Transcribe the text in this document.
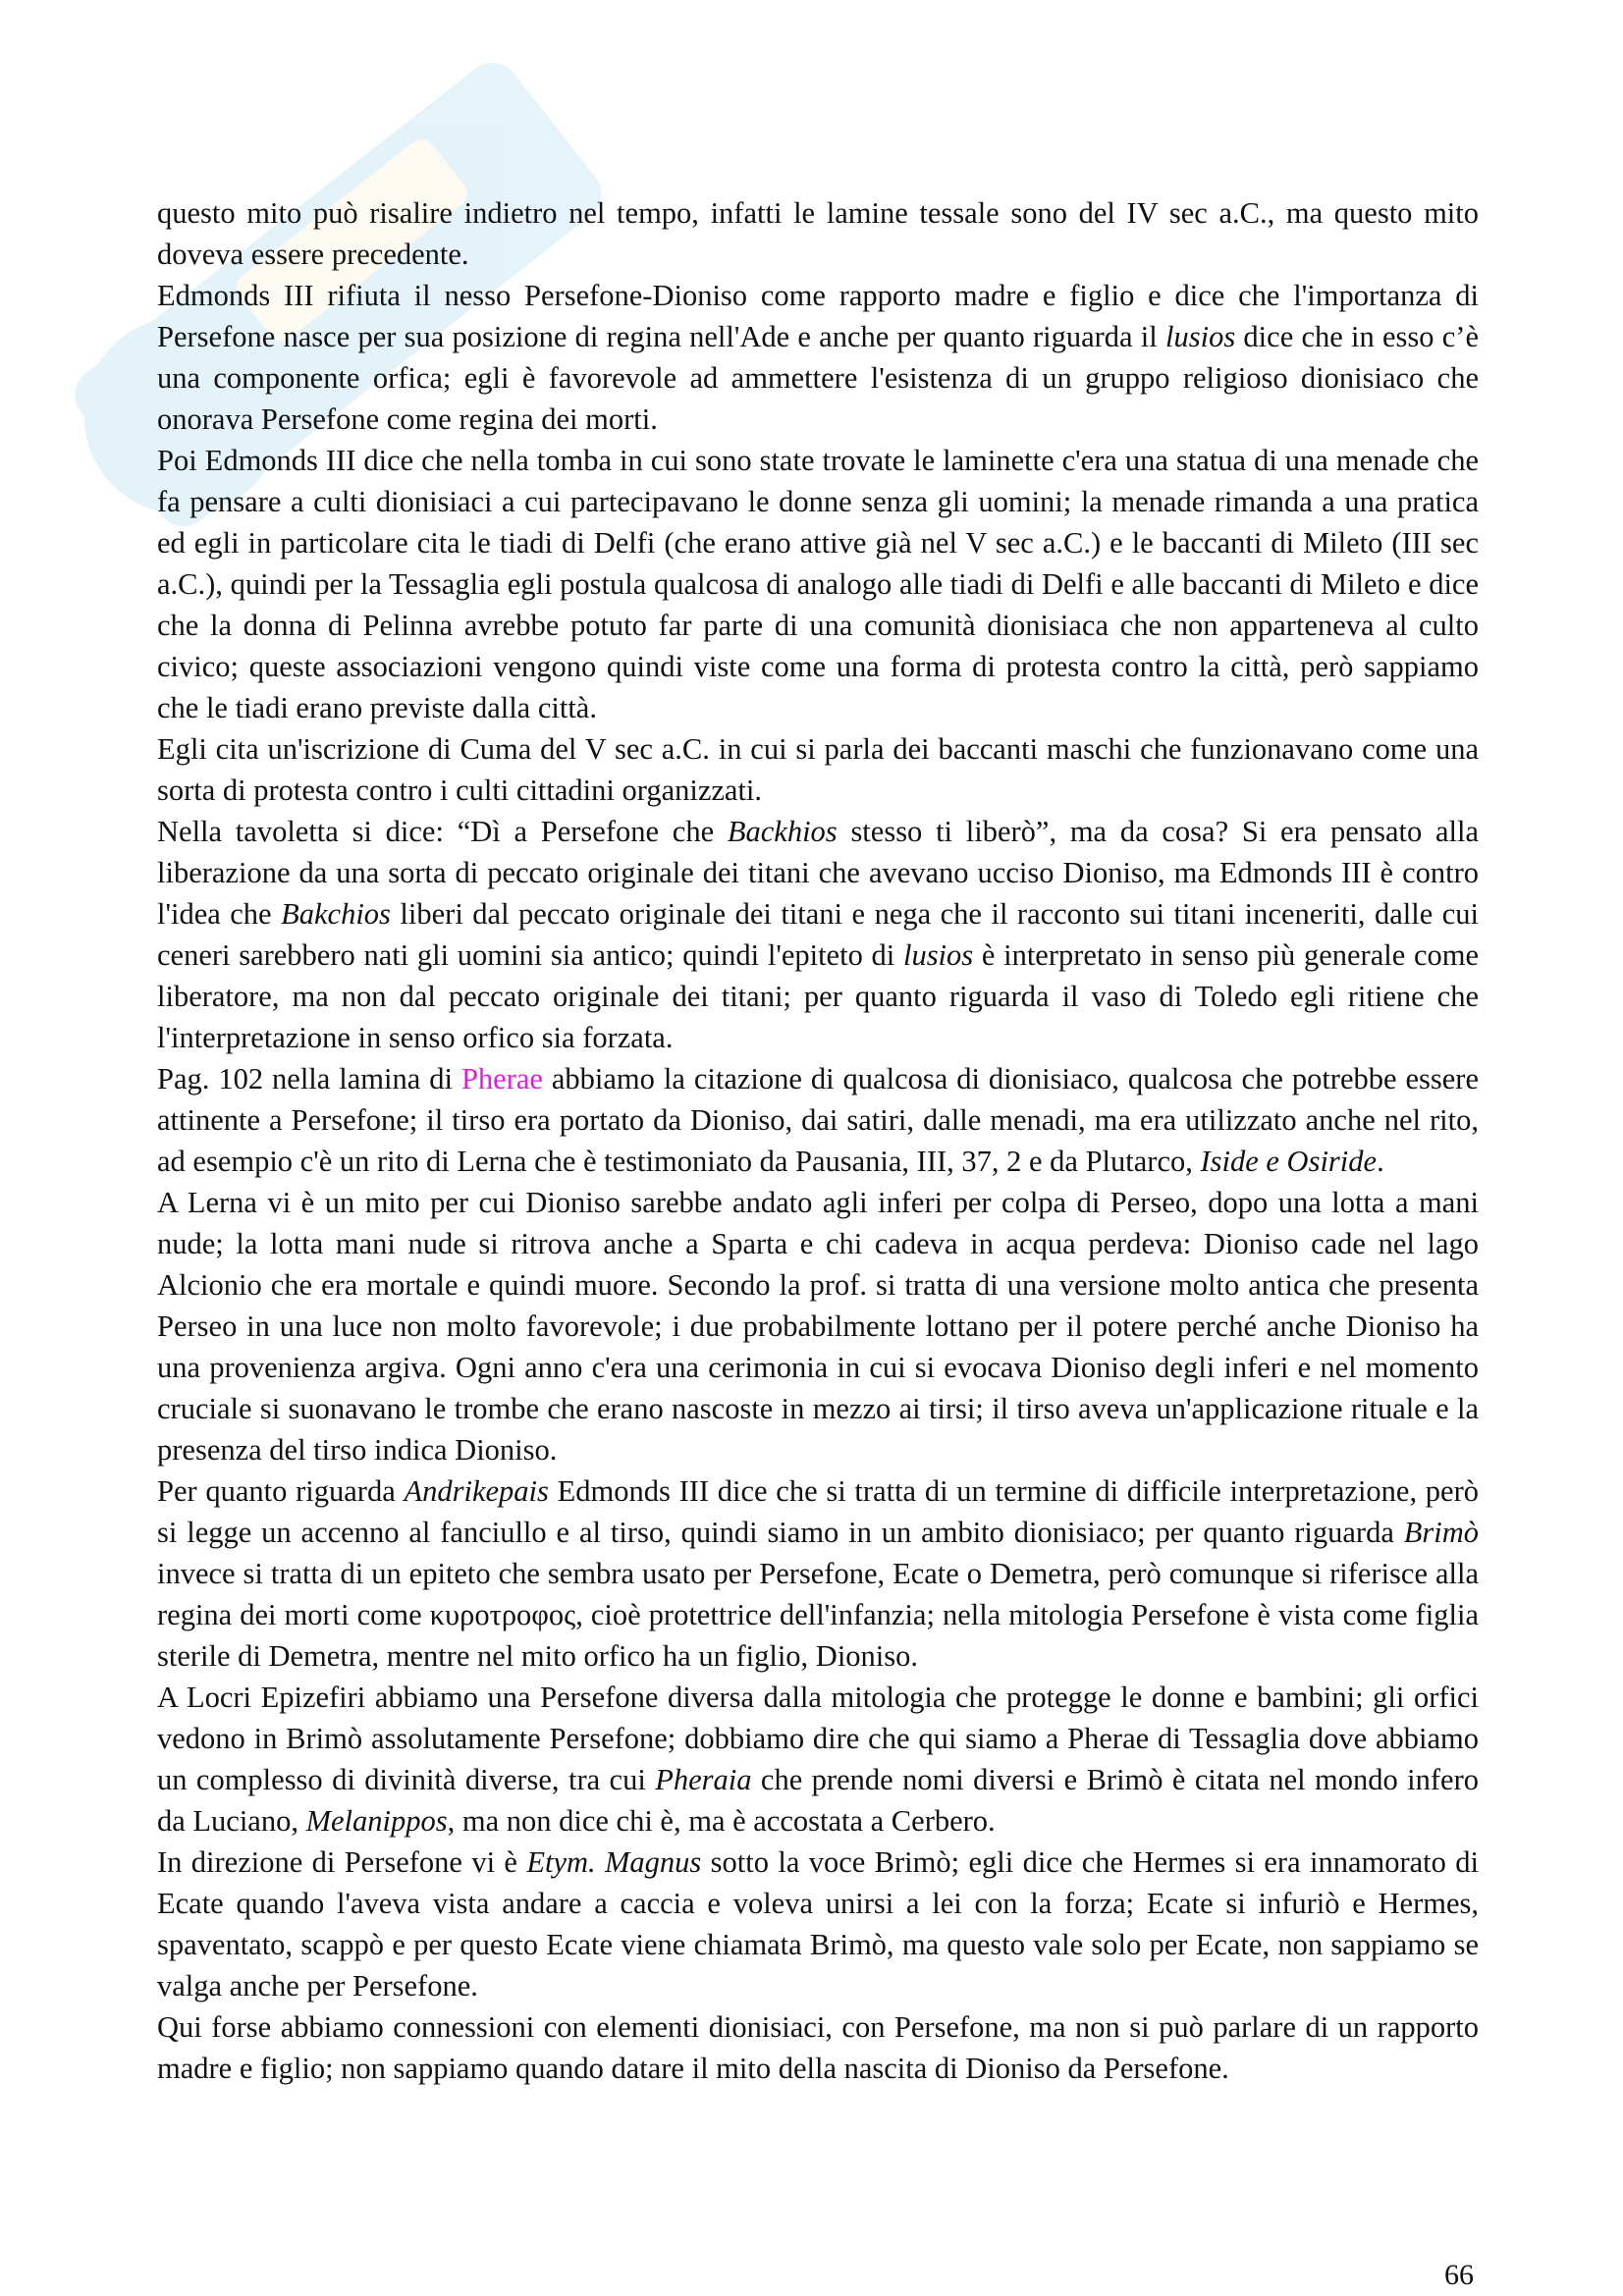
questo mito può risalire indietro nel tempo, infatti le lamine tessale sono del IV sec a.C., ma questo mito doveva essere precedente.

Edmonds III rifiuta il nesso Persefone-Dioniso come rapporto madre e figlio e dice che l'importanza di Persefone nasce per sua posizione di regina nell'Ade e anche per quanto riguarda il lusios dice che in esso c’è una componente orfica; egli è favorevole ad ammettere l'esistenza di un gruppo religioso dionisiaco che onorava Persefone come regina dei morti.

Poi Edmonds III dice che nella tomba in cui sono state trovate le laminette c'era una statua di una menade che fa pensare a culti dionisiaci a cui partecipavano le donne senza gli uomini; la menade rimanda a una pratica ed egli in particolare cita le tiadi di Delfi (che erano attive già nel V sec a.C.) e le baccanti di Mileto (III sec a.C.), quindi per la Tessaglia egli postula qualcosa di analogo alle tiadi di Delfi e alle baccanti di Mileto e dice che la donna di Pelinna avrebbe potuto far parte di una comunità dionisiaca che non apparteneva al culto civico; queste associazioni vengono quindi viste come una forma di protesta contro la città, però sappiamo che le tiadi erano previste dalla città.

Egli cita un'iscrizione di Cuma del V sec a.C. in cui si parla dei baccanti maschi che funzionavano come una sorta di protesta contro i culti cittadini organizzati.

Nella tavoletta si dice: “Dì a Persefone che Backhios stesso ti liberò”, ma da cosa? Si era pensato alla liberazione da una sorta di peccato originale dei titani che avevano ucciso Dioniso, ma Edmonds III è contro l'idea che Bakchios liberi dal peccato originale dei titani e nega che il racconto sui titani inceneriti, dalle cui ceneri sarebbero nati gli uomini sia antico; quindi l'epiteto di lusios è interpretato in senso più generale come liberatore, ma non dal peccato originale dei titani; per quanto riguarda il vaso di Toledo egli ritiene che l'interpretazione in senso orfico sia forzata.

Pag. 102 nella lamina di Pherae abbiamo la citazione di qualcosa di dionisiaco, qualcosa che potrebbe essere attinente a Persefone; il tirso era portato da Dioniso, dai satiri, dalle menadi, ma era utilizzato anche nel rito, ad esempio c'è un rito di Lerna che è testimoniato da Pausania, III, 37, 2 e da Plutarco, Iside e Osiride.

A Lerna vi è un mito per cui Dioniso sarebbe andato agli inferi per colpa di Perseo, dopo una lotta a mani nude; la lotta mani nude si ritrova anche a Sparta e chi cadeva in acqua perdeva: Dioniso cade nel lago Alcionio che era mortale e quindi muore. Secondo la prof. si tratta di una versione molto antica che presenta Perseo in una luce non molto favorevole; i due probabilmente lottano per il potere perché anche Dioniso ha una provenienza argiva. Ogni anno c'era una cerimonia in cui si evocava Dioniso degli inferi e nel momento cruciale si suonavano le trombe che erano nascoste in mezzo ai tirsi; il tirso aveva un'applicazione rituale e la presenza del tirso indica Dioniso.

Per quanto riguarda Andrikepais Edmonds III dice che si tratta di un termine di difficile interpretazione, però si legge un accenno al fanciullo e al tirso, quindi siamo in un ambito dionisiaco; per quanto riguarda Brimò invece si tratta di un epiteto che sembra usato per Persefone, Ecate o Demetra, però comunque si riferisce alla regina dei morti come κυροτροφος, cioè protettrice dell'infanzia; nella mitologia Persefone è vista come figlia sterile di Demetra, mentre nel mito orfico ha un figlio, Dioniso.

A Locri Epizefiri abbiamo una Persefone diversa dalla mitologia che protegge le donne e bambini; gli orfici vedono in Brimò assolutamente Persefone; dobbiamo dire che qui siamo a Pherae di Tessaglia dove abbiamo un complesso di divinità diverse, tra cui Pheraia che prende nomi diversi e Brimò è citata nel mondo infero da Luciano, Melanippos, ma non dice chi è, ma è accostata a Cerbero.

In direzione di Persefone vi è Etym. Magnus sotto la voce Brimò; egli dice che Hermes si era innamorato di Ecate quando l'aveva vista andare a caccia e voleva unirsi a lei con la forza; Ecate si infuriò e Hermes, spaventato, scappò e per questo Ecate viene chiamata Brimò, ma questo vale solo per Ecate, non sappiamo se valga anche per Persefone.

Qui forse abbiamo connessioni con elementi dionisiaci, con Persefone, ma non si può parlare di un rapporto madre e figlio; non sappiamo quando datare il mito della nascita di Dioniso da Persefone.

66
